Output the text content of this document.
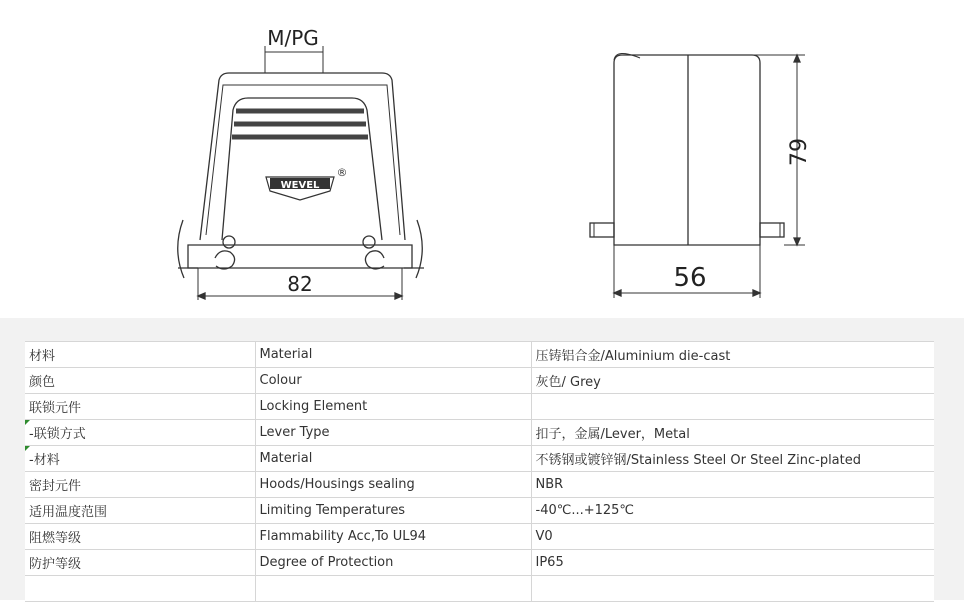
M/PG
82	56
79
WEVEL
®
材料	Material	压铸铝合金/Aluminium die-cast
颜色	Colour	灰色/ Grey
联锁元件	Locking Element	

-联锁方式	Lever Type	扣子，金属/Lever，Metal

-材料	Material	不锈钢或镀锌钢/Stainless Steel Or Steel Zinc-plated
密封元件	Hoods/Housings sealing	NBR
适用温度范围	Limiting Temperatures	-40℃...+125℃
阻燃等级	Flammability Acc,To UL94	V0
防护等级	Degree of Protection	IP65
